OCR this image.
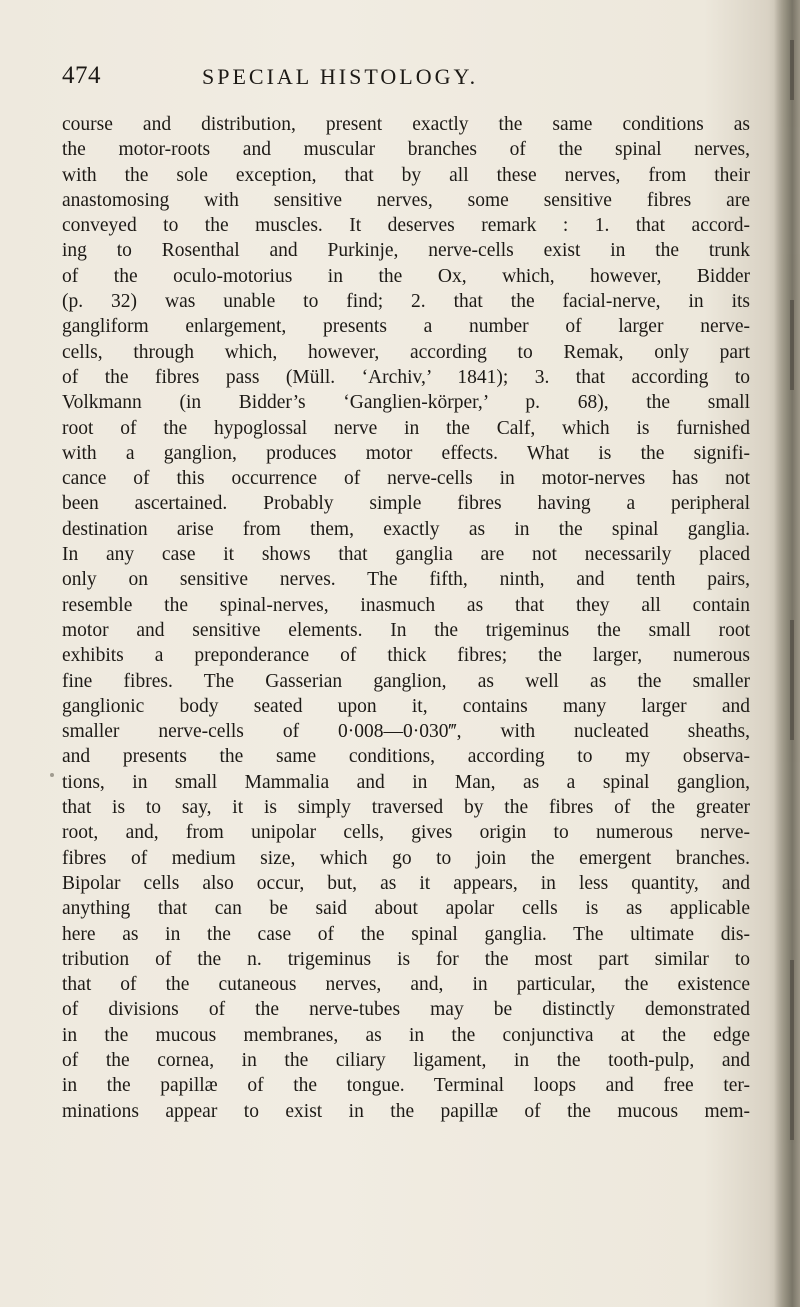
474	SPECIAL HISTOLOGY.
course and distribution, present exactly the same conditions as
the motor-roots and muscular branches of the spinal nerves,
with the sole exception, that by all these nerves, from their
anastomosing with sensitive nerves, some sensitive fibres are
conveyed to the muscles. It deserves remark : 1. that accord-
ing to Rosenthal and Purkinje, nerve-cells exist in the trunk
of the oculo-motorius in the Ox, which, however, Bidder
(p. 32) was unable to find; 2. that the facial-nerve, in its
gangliform enlargement, presents a number of larger nerve-
cells, through which, however, according to Remak, only part
of the fibres pass (Müll. ‘Archiv,’ 1841); 3. that according to
Volkmann (in Bidder’s ‘Ganglien-körper,’ p. 68), the small
root of the hypoglossal nerve in the Calf, which is furnished
with a ganglion, produces motor effects. What is the signifi-
cance of this occurrence of nerve-cells in motor-nerves has not
been ascertained. Probably simple fibres having a peripheral
destination arise from them, exactly as in the spinal ganglia.
In any case it shows that ganglia are not necessarily placed
only on sensitive nerves. The fifth, ninth, and tenth pairs,
resemble the spinal-nerves, inasmuch as that they all contain
motor and sensitive elements. In the trigeminus the small root
exhibits a preponderance of thick fibres; the larger, numerous
fine fibres. The Gasserian ganglion, as well as the smaller
ganglionic body seated upon it, contains many larger and
smaller nerve-cells of 0·008—0·030‴, with nucleated sheaths,
and presents the same conditions, according to my observa-
tions, in small Mammalia and in Man, as a spinal ganglion,
that is to say, it is simply traversed by the fibres of the greater
root, and, from unipolar cells, gives origin to numerous nerve-
fibres of medium size, which go to join the emergent branches.
Bipolar cells also occur, but, as it appears, in less quantity, and
anything that can be said about apolar cells is as applicable
here as in the case of the spinal ganglia. The ultimate dis-
tribution of the n. trigeminus is for the most part similar to
that of the cutaneous nerves, and, in particular, the existence
of divisions of the nerve-tubes may be distinctly demonstrated
in the mucous membranes, as in the conjunctiva at the edge
of the cornea, in the ciliary ligament, in the tooth-pulp, and
in the papillæ of the tongue. Terminal loops and free ter-
minations appear to exist in the papillæ of the mucous mem-
